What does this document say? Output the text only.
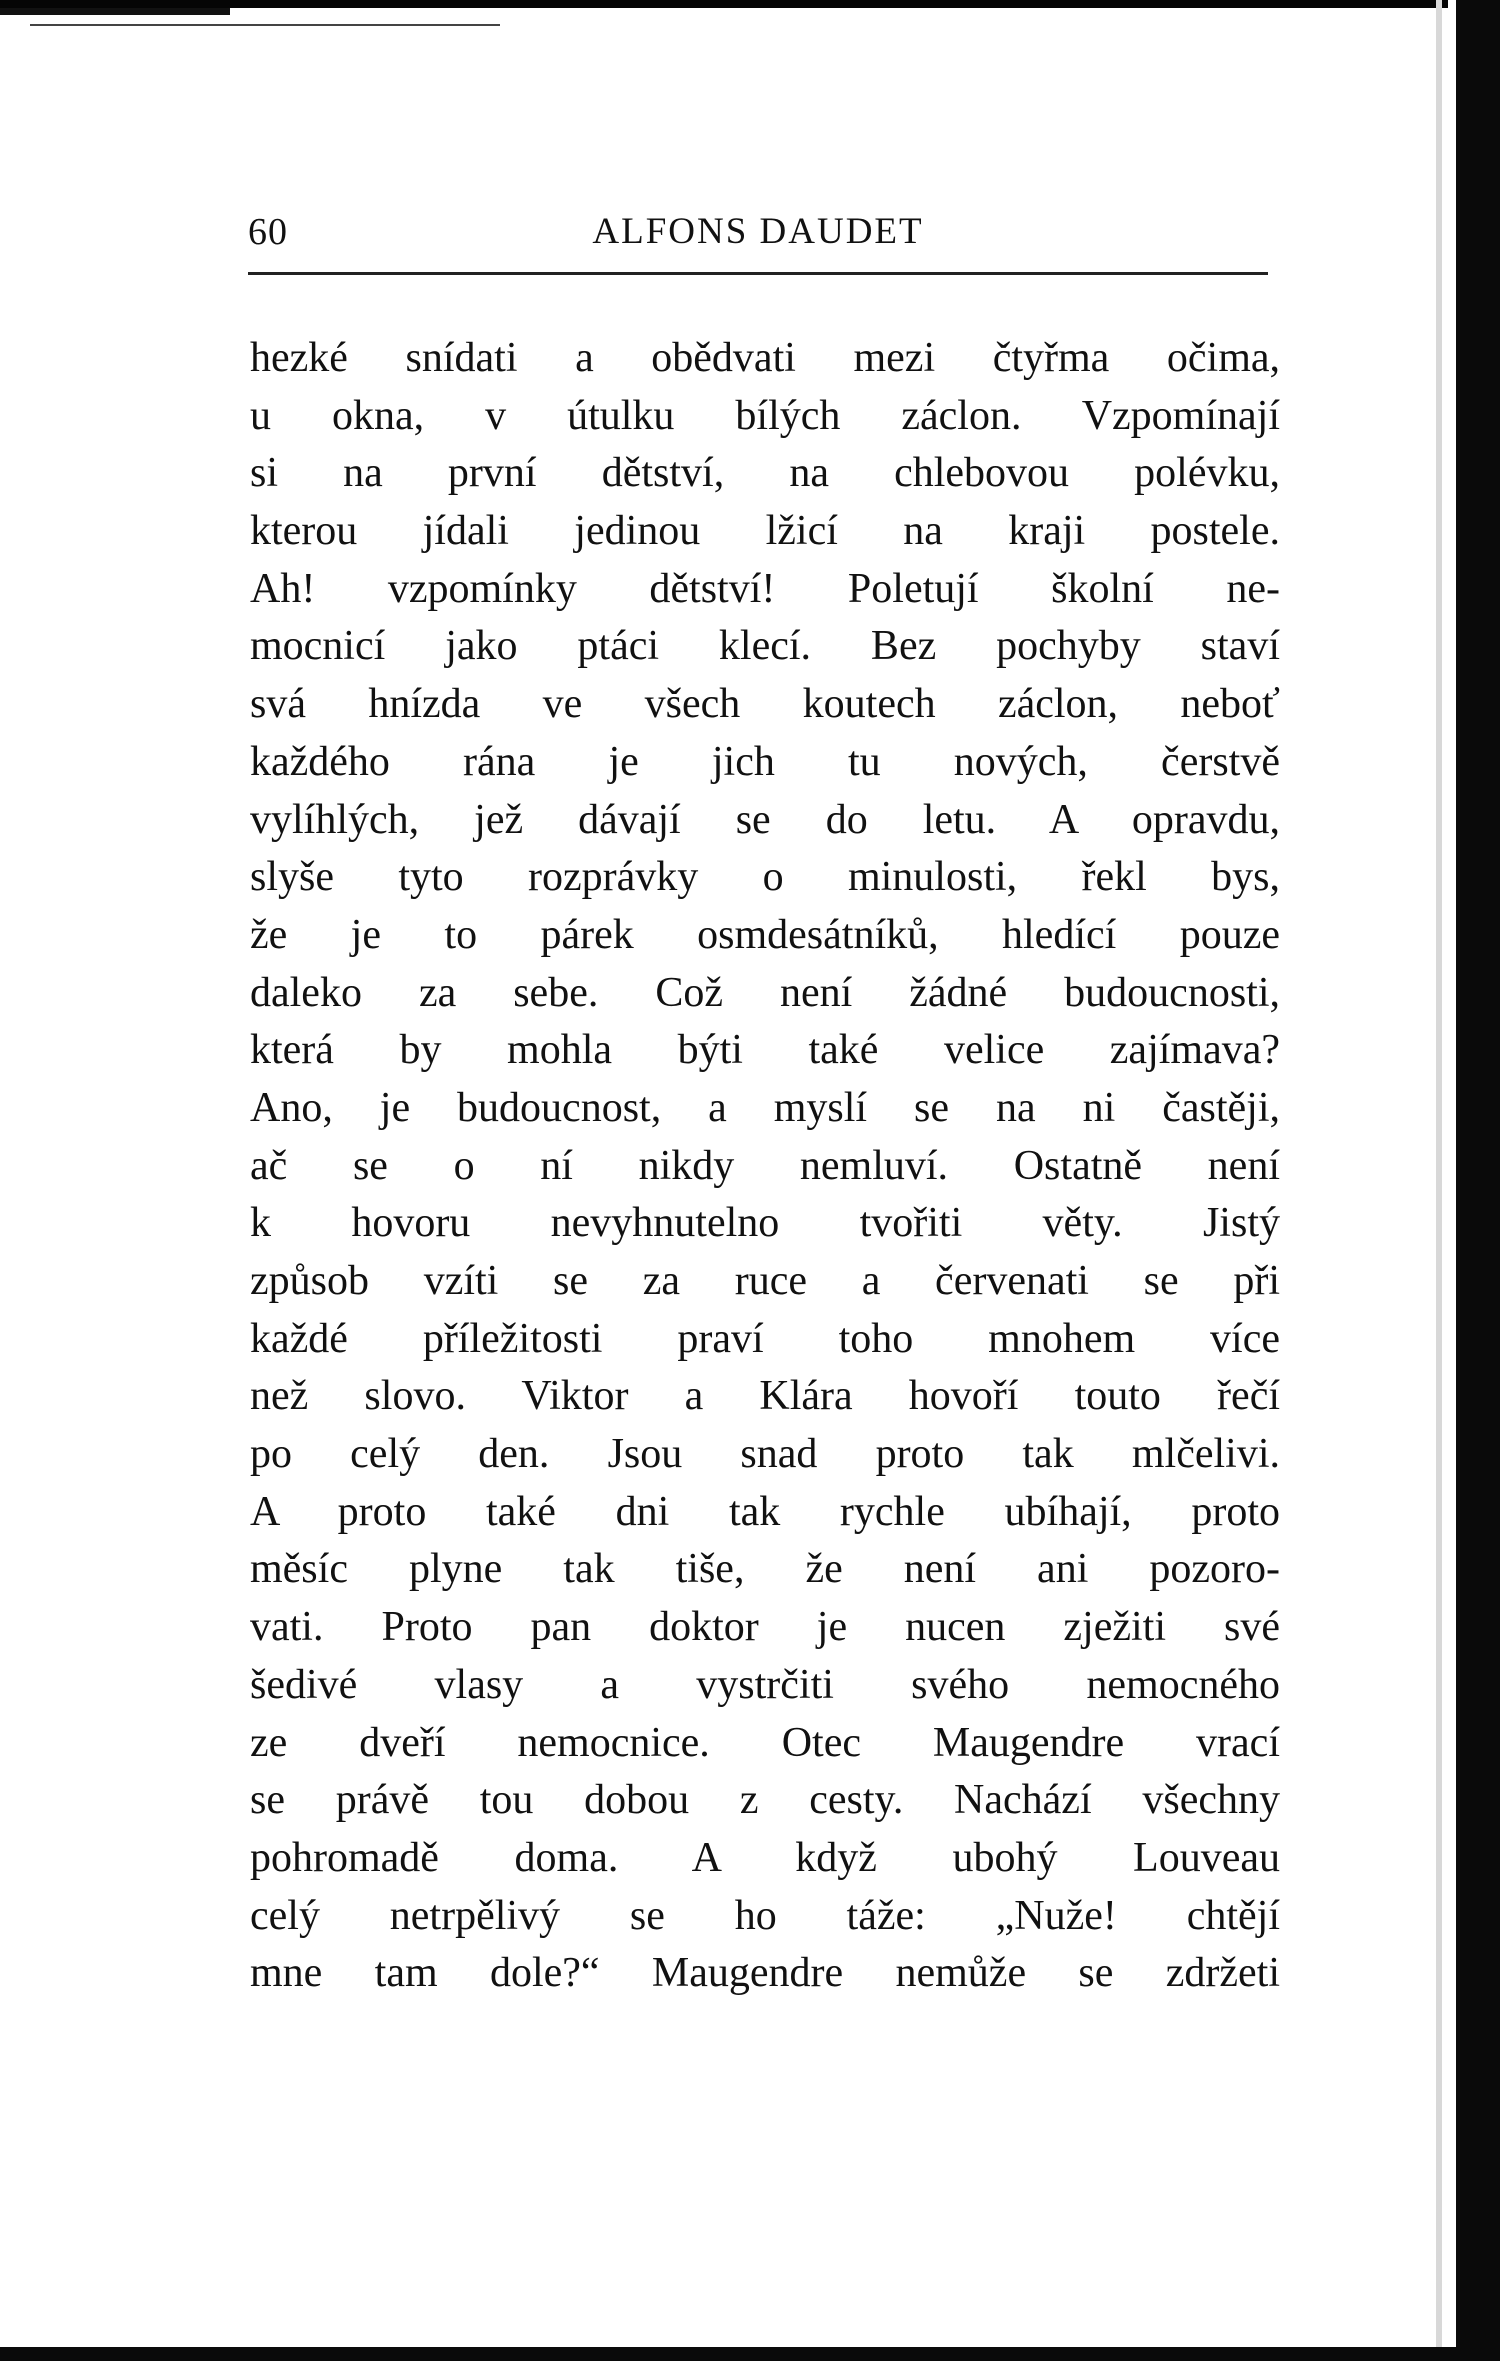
60	ALFONS DAUDET
hezké snídati a obědvati mezi čtyřma očima,
u okna, v útulku bílých záclon. Vzpomínají
si na první dětství, na chlebovou polévku,
kterou jídali jedinou lžicí na kraji postele.
Ah! vzpomínky dětství! Poletují školní ne-
mocnicí jako ptáci klecí. Bez pochyby staví
svá hnízda ve všech koutech záclon, neboť
každého rána je jich tu nových, čerstvě
vylíhlých, jež dávají se do letu. A opravdu,
slyše tyto rozprávky o minulosti, řekl bys,
že je to párek osmdesátníků, hledící pouze
daleko za sebe. Což není žádné budoucnosti,
která by mohla býti také velice zajímava?
Ano, je budoucnost, a myslí se na ni častěji,
ač se o ní nikdy nemluví. Ostatně není
k hovoru nevyhnutelno tvořiti věty. Jistý
způsob vzíti se za ruce a červenati se při
každé příležitosti praví toho mnohem více
než slovo. Viktor a Klára hovoří touto řečí
po celý den. Jsou snad proto tak mlčelivi.
A proto také dni tak rychle ubíhají, proto
měsíc plyne tak tiše, že není ani pozoro-
vati. Proto pan doktor je nucen zježiti své
šedivé vlasy a vystrčiti svého nemocného
ze dveří nemocnice. Otec Maugendre vrací
se právě tou dobou z cesty. Nachází všechny
pohromadě doma. A když ubohý Louveau
celý netrpělivý se ho táže: „Nuže! chtějí
mne tam dole?“ Maugendre nemůže se zdržeti
